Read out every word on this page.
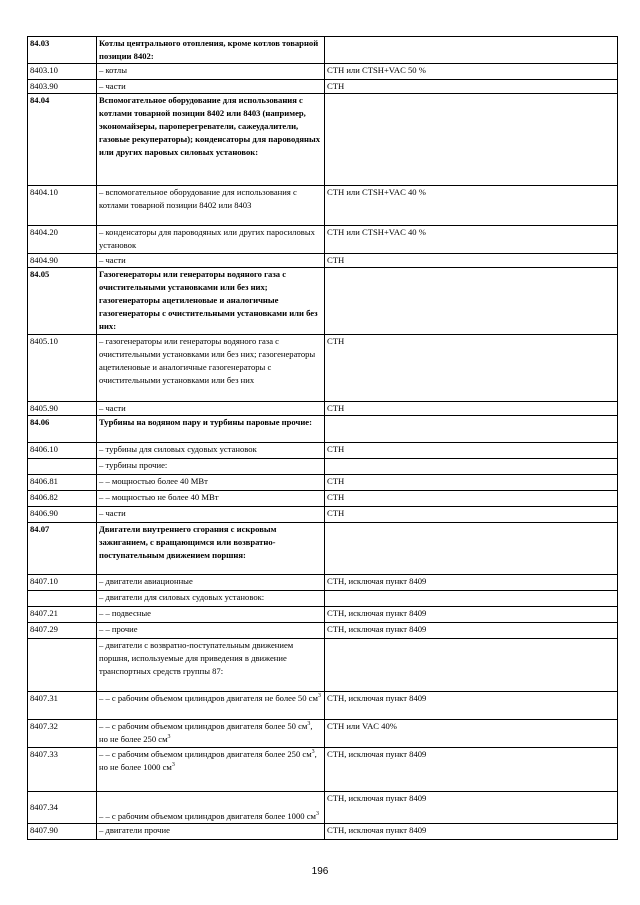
84.03	Котлы центрального отопления, кроме котлов товарной позиции 8402:	
8403.10	– котлы	СТН или СТSН+VAC 50 %
8403.90	– части	СТН
84.04	Вспомогательное оборудование для использования с котлами товарной позиции 8402 или 8403 (например, экономайзеры, пароперегреватели, сажеудалители, газовые рекуператоры); конденсаторы для пароводяных или других паровых силовых установок:	
8404.10	– вспомогательное оборудование для использования с котлами товарной позиции 8402 или 8403	СТН или СТSН+VAC 40 %
8404.20	– конденсаторы для пароводяных или других паросиловых установок	СТН или СТSН+VAC 40 %
8404.90	– части	СТН
84.05	Газогенераторы или генераторы водяного газа с очистительными установками или без них; газогенераторы ацетиленовые и аналогичные газогенераторы с очистительными установками или без них:	
8405.10	– газогенераторы или генераторы водяного газа с очистительными установками или без них; газогенераторы ацетиленовые и аналогичные газогенераторы с очистительными установками или без них	СТН
8405.90	– части	СТН
84.06	Турбины на водяном пару и турбины паровые прочие:	
8406.10	– турбины для силовых судовых установок	СТН
	– турбины прочие:	
8406.81	– – мощностью более 40 МВт	СТН
8406.82	– – мощностью не более 40 МВт	СТН
8406.90	– части	СТН
84.07	Двигатели внутреннего сгорания с искровым зажиганием, с вращающимся или возвратно-поступательным движением поршня:	
8407.10	– двигатели авиационные	СТН, исключая пункт 8409
	– двигатели для силовых судовых установок:	
8407.21	– – подвесные	СТН, исключая пункт 8409
8407.29	– – прочие	СТН, исключая пункт 8409
	– двигатели с возвратно-поступательным движением поршня, используемые для приведения в движение транспортных средств группы 87:	
8407.31	– – с рабочим объемом цилиндров двигателя не более 50 $см^3$	СТН, исключая пункт 8409
8407.32	– – с рабочим объемом цилиндров двигателя более 50 $см^3$, но не более 250 $см^3$	СТН или VAC 40%
8407.33	– – с рабочим объемом цилиндров двигателя более 250 $см^3$, но не более 1000 $см^3$	СТН, исключая пункт 8409
8407.34	– – с рабочим объемом цилиндров двигателя более 1000 $см^3$	СТН, исключая пункт 8409
8407.90	– двигатели прочие	СТН, исключая пункт 8409
196
